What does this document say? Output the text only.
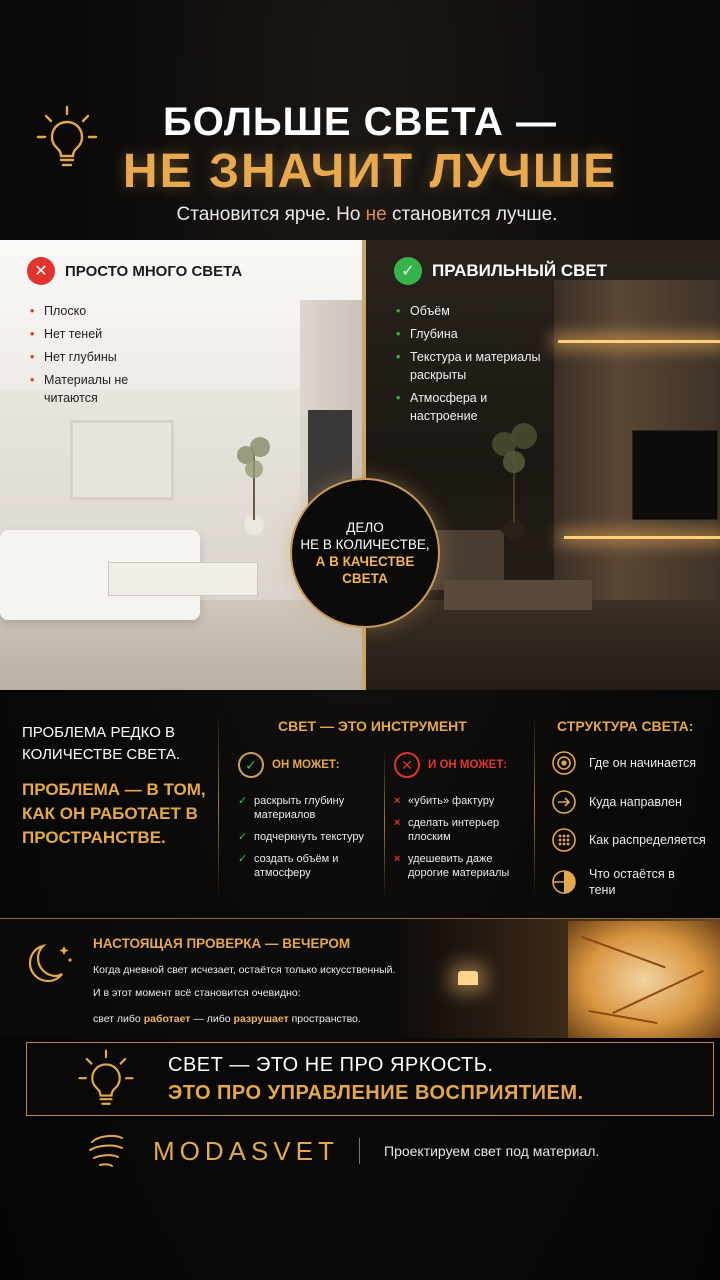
БОЛЬШЕ СВЕТА —
НЕ ЗНАЧИТ ЛУЧШЕ
Становится ярче. Но не становится лучше.
✕	ПРОСТО МНОГО СВЕТА
• Плоско
• Нет теней
• Нет глубины
• Материалы не читаются
✓	ПРАВИЛЬНЫЙ СВЕТ
• Объём
• Глубина
• Текстура и материалы раскрыты
• Атмосфера и настроение
ДЕЛО
НЕ В КОЛИЧЕСТВЕ,
А В КАЧЕСТВЕ
СВЕТА
ПРОБЛЕМА РЕДКО В КОЛИЧЕСТВЕ СВЕТА.
ПРОБЛЕМА — В ТОМ, КАК ОН РАБОТАЕТ В ПРОСТРАНСТВЕ.
СВЕТ — ЭТО ИНСТРУМЕНТ
✓	ОН МОЖЕТ:
✓ раскрыть глубину материалов
✓ подчеркнуть текстуру
✓ создать объём и атмосферу
✕	И ОН МОЖЕТ:
× «убить» фактуру
× сделать интерьер плоским
× удешевить даже дорогие материалы
СТРУКТУРА СВЕТА:
Где он начинается
Куда направлен
Как распределяется
Что остаётся в тени
НАСТОЯЩАЯ ПРОВЕРКА — ВЕЧЕРОМ
Когда дневной свет исчезает, остаётся только искусственный.
И в этот момент всё становится очевидно:
свет либо работает — либо разрушает пространство.
СВЕТ — ЭТО НЕ ПРО ЯРКОСТЬ.
ЭТО ПРО УПРАВЛЕНИЕ ВОСПРИЯТИЕМ.
MODASVET	Проектируем свет под материал.
